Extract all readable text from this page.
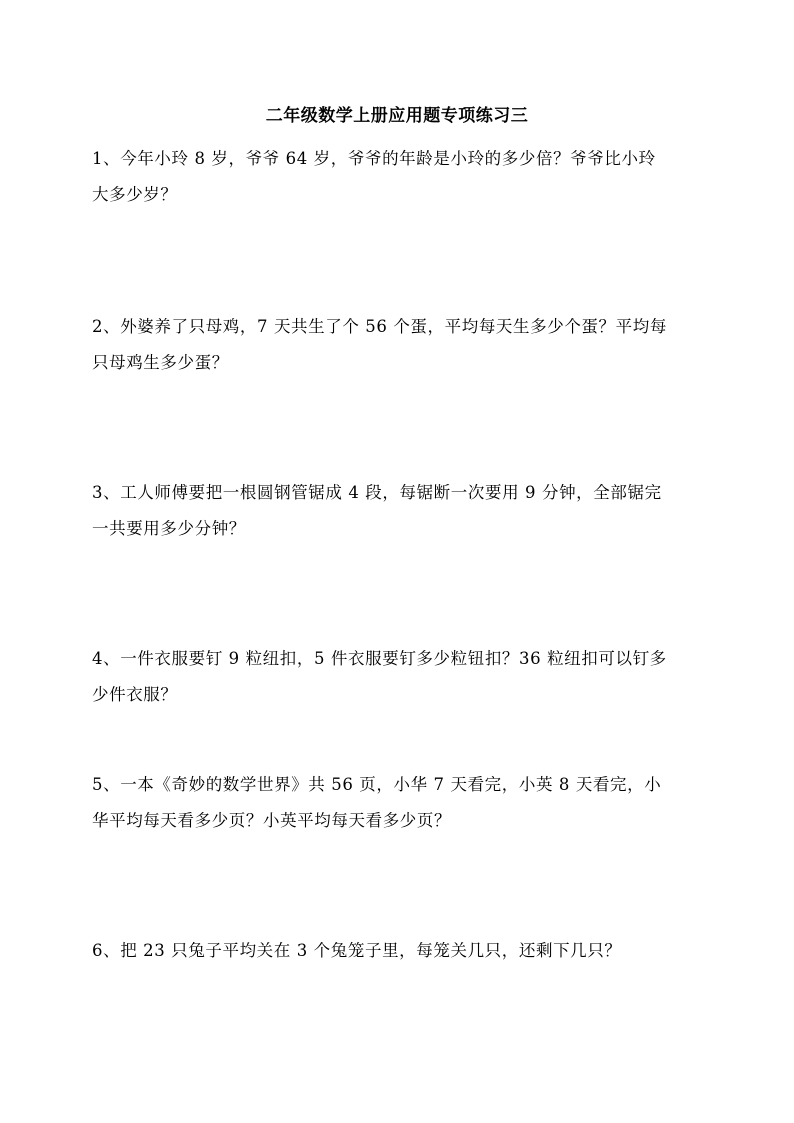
二年级数学上册应用题专项练习三
1、今年小玲 8 岁，爷爷 64 岁，爷爷的年龄是小玲的多少倍？爷爷比小玲
大多少岁？
2、外婆养了只母鸡，7 天共生了个 56 个蛋，平均每天生多少个蛋？平均每
只母鸡生多少蛋？
3、工人师傅要把一根圆钢管锯成 4 段，每锯断一次要用 9 分钟，全部锯完
一共要用多少分钟？
4、一件衣服要钉 9 粒纽扣，5 件衣服要钉多少粒钮扣？36 粒纽扣可以钉多
少件衣服？
5、一本《奇妙的数学世界》共 56 页，小华 7 天看完，小英 8 天看完，小
华平均每天看多少页？小英平均每天看多少页？
6、把 23 只兔子平均关在 3 个兔笼子里，每笼关几只，还剩下几只？
